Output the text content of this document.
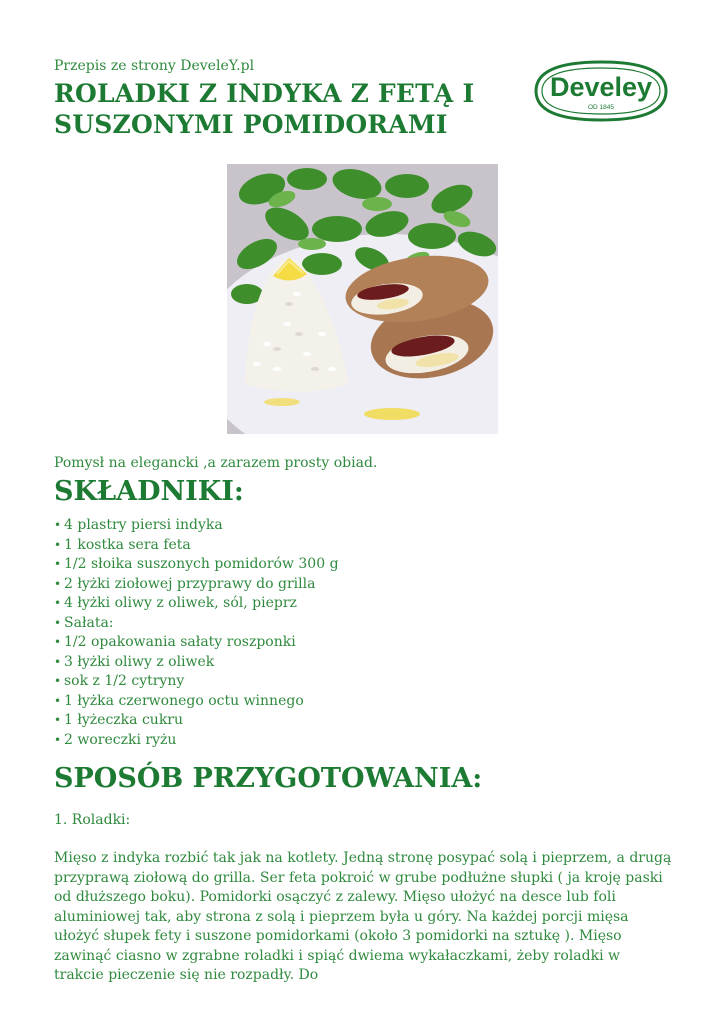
Przepis ze strony DeveleY.pl
ROLADKI Z INDYKA Z FETĄ I SUSZONYMI POMIDORAMI
Develey
OD 1845
Pomysł na elegancki ,a zarazem prosty obiad.
SKŁADNIKI:
• 4 plastry piersi indyka
• 1 kostka sera feta
• 1/2 słoika suszonych pomidorów 300 g
• 2 łyżki ziołowej przyprawy do grilla
• 4 łyżki oliwy z oliwek, sól, pieprz
• Sałata:
• 1/2 opakowania sałaty roszponki
• 3 łyżki oliwy z oliwek
• sok z 1/2 cytryny
• 1 łyżka czerwonego octu winnego
• 1 łyżeczka cukru
• 2 woreczki ryżu
SPOSÓB PRZYGOTOWANIA:
1. Roladki:

Mięso z indyka rozbić tak jak na kotlety. Jedną stronę posypać solą i pieprzem, a drugą przyprawą ziołową do grilla. Ser feta pokroić w grube podłużne słupki ( ja kroję paski od dłuższego boku). Pomidorki osączyć z zalewy. Mięso ułożyć na desce lub foli aluminiowej tak, aby strona z solą i pieprzem była u góry. Na każdej porcji mięsa ułożyć słupek fety i suszone pomidorkami (około 3 pomidorki na sztukę ). Mięso zawinąć ciasno w zgrabne roladki i spiąć dwiema wykałaczkami, żeby roladki w trakcie pieczenie się nie rozpadły. Do
